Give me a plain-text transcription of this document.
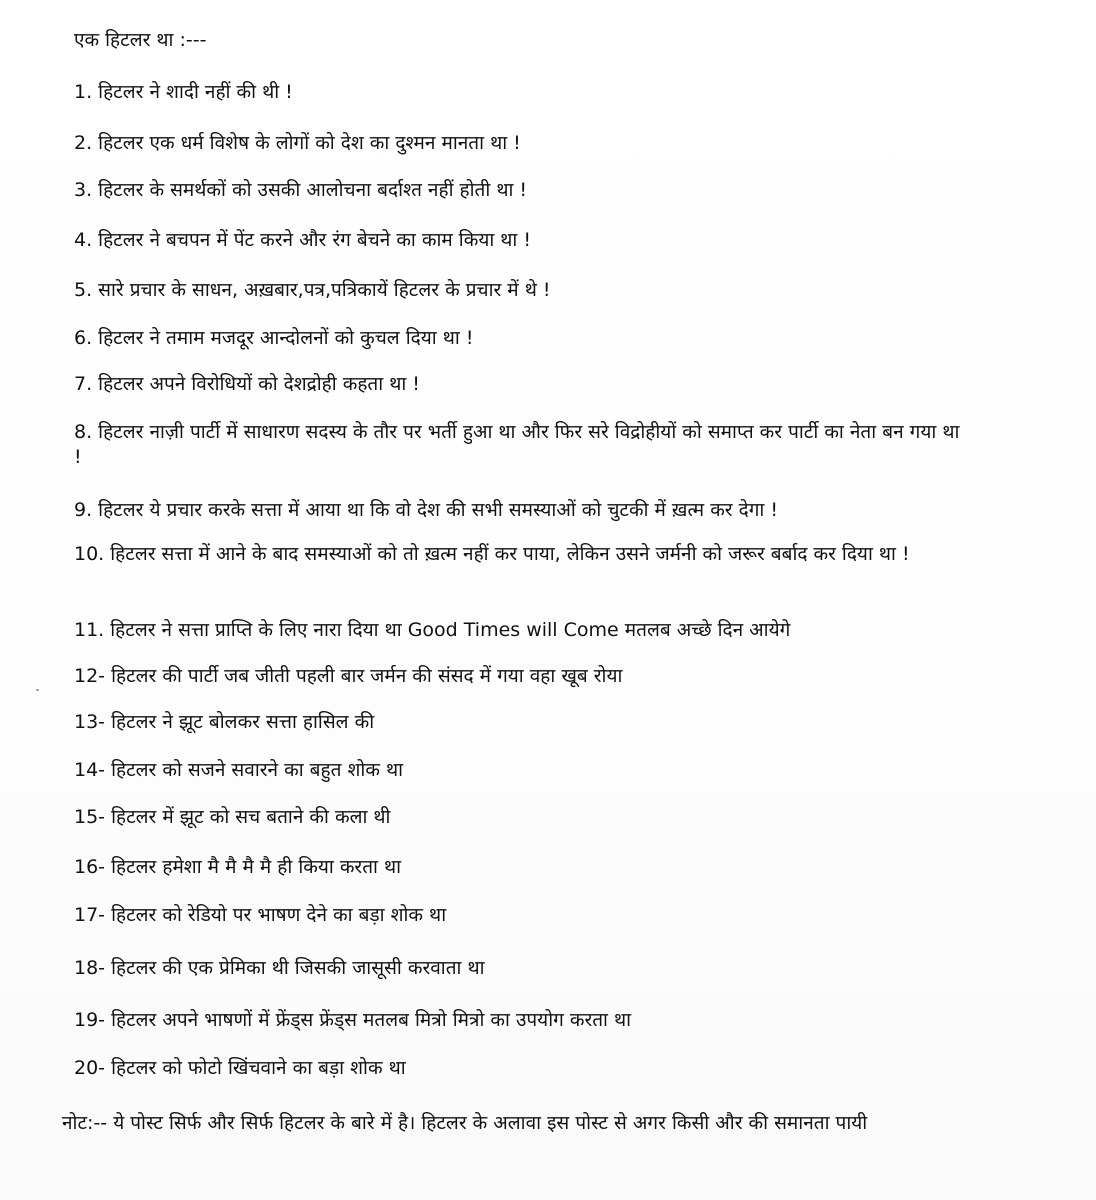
एक हिटलर था :---
1. हिटलर ने शादी नहीं की थी !
2. हिटलर एक धर्म विशेष के लोगों को देश का दुश्मन मानता था !
3. हिटलर के समर्थकों को उसकी आलोचना बर्दाश्त नहीं होती था !
4. हिटलर ने बचपन में पेंट करने और रंग बेचने का काम किया था !
5. सारे प्रचार के साधन, अख़बार,पत्र,पत्रिकायें हिटलर के प्रचार में थे !
6. हिटलर ने तमाम मजदूर आन्दोलनों को कुचल दिया था !
7. हिटलर अपने विरोधियों को देशद्रोही कहता था !
8. हिटलर नाज़ी पार्टी में साधारण सदस्य के तौर पर भर्ती हुआ था और फिर सरे विद्रोहीयों को समाप्त कर पार्टी का नेता बन गया था !
9. हिटलर ये प्रचार करके सत्ता में आया था कि वो देश की सभी समस्याओं को चुटकी में ख़त्म कर देगा !
10. हिटलर सत्ता में आने के बाद समस्याओं को तो ख़त्म नहीं कर पाया, लेकिन उसने जर्मनी को जरूर बर्बाद कर दिया था !
11. हिटलर ने सत्ता प्राप्ति के लिए नारा दिया था Good Times will Come मतलब अच्छे दिन आयेगे
12- हिटलर की पार्टी जब जीती पहली बार जर्मन की संसद में गया वहा खूब रोया
13- हिटलर ने झूट बोलकर सत्ता हासिल की
14- हिटलर को सजने सवारने का बहुत शोक था
15- हिटलर में झूट को सच बताने की कला थी
16- हिटलर हमेशा मै मै मै मै ही किया करता था
17- हिटलर को रेडियो पर भाषण देने का बड़ा शोक था
18- हिटलर की एक प्रेमिका थी जिसकी जासूसी करवाता था
19- हिटलर अपने भाषणों में फ्रेंड्स फ्रेंड्स मतलब मित्रो मित्रो का उपयोग करता था
20- हिटलर को फोटो खिंचवाने का बड़ा शोक था
नोट:-- ये पोस्ट सिर्फ और सिर्फ हिटलर के बारे में है। हिटलर के अलावा इस पोस्ट से अगर किसी और की समानता पायी
